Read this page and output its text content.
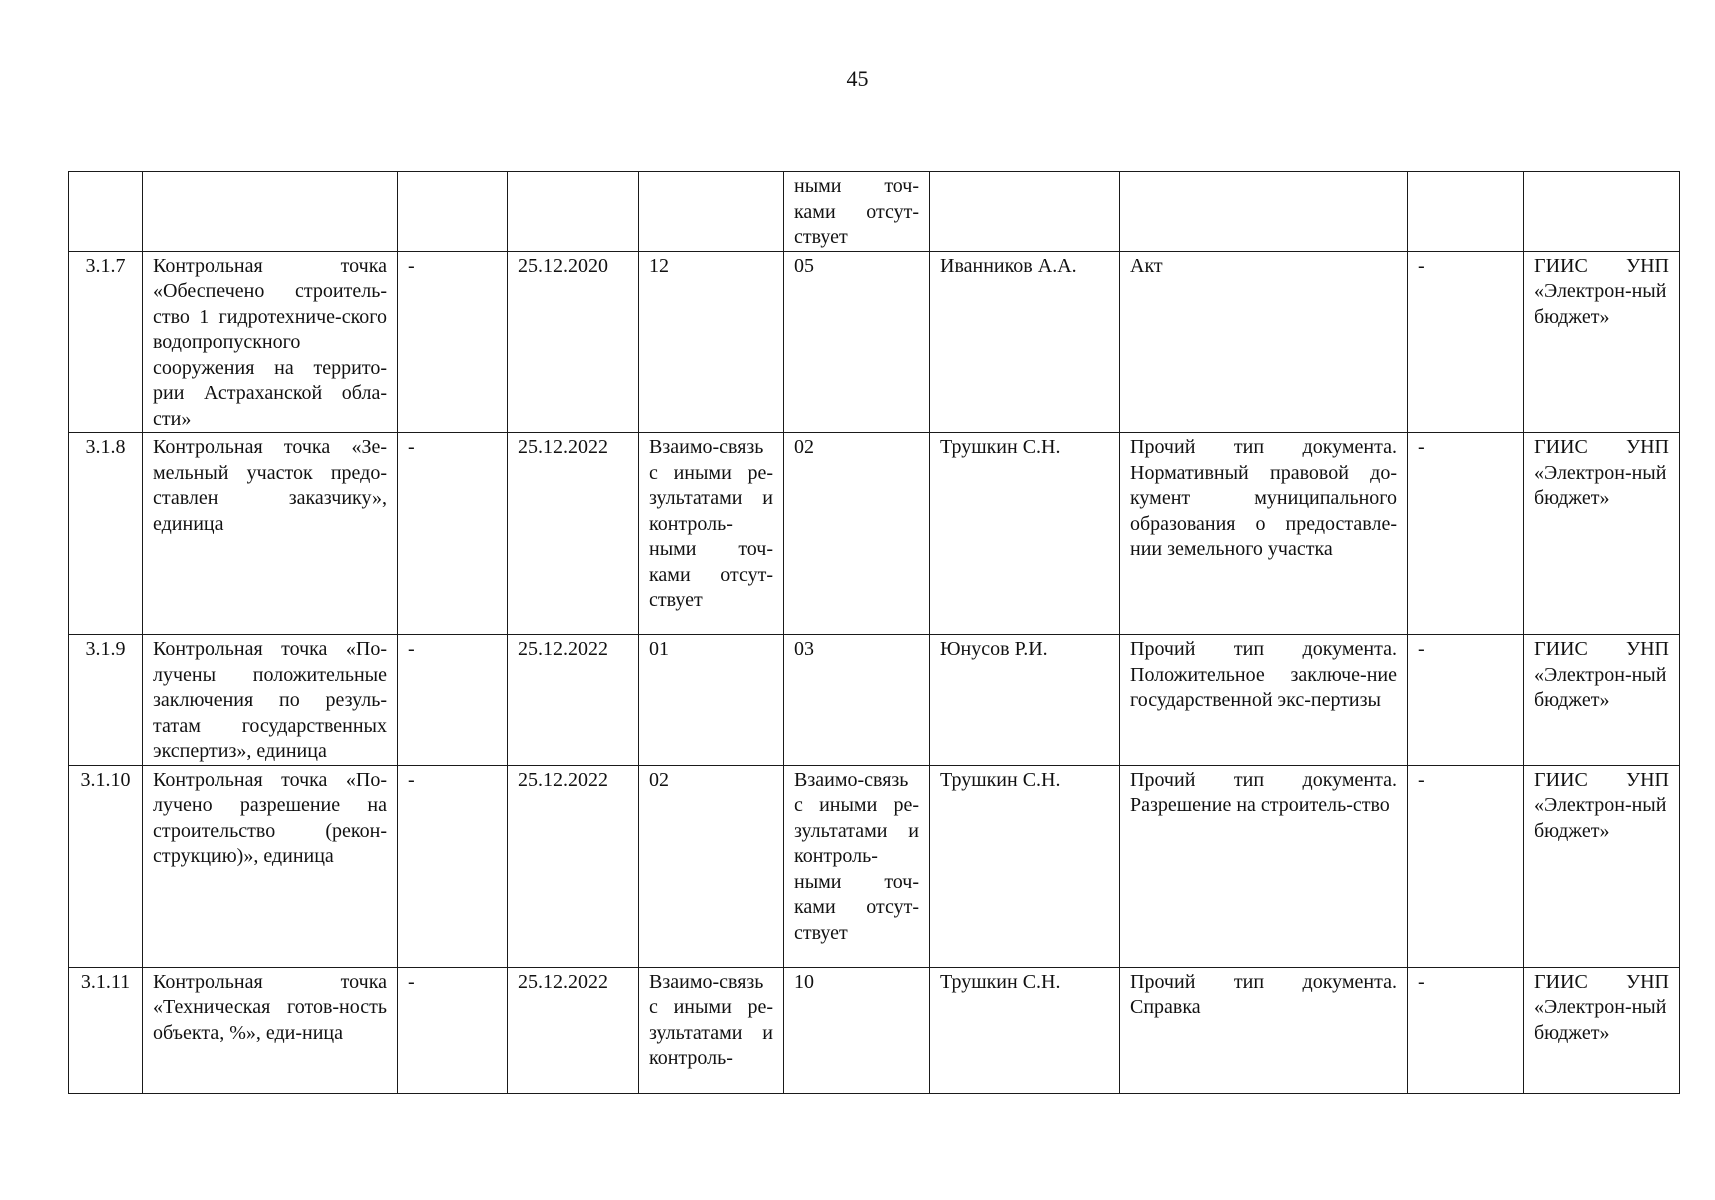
45
					ными точ-ками отсут-ствует				
3.1.7	Контрольная точка «Обеспечено строитель-ство 1 гидротехниче-ского водопропускного сооружения на террито-рии Астраханской обла-сти»	-	25.12.2020	12	05	Иванников А.А.	Акт	-	ГИИС УНП «Электрон-ный бюджет»
3.1.8	Контрольная точка «Зе-мельный участок предо-ставлен заказчику», единица	-	25.12.2022	Взаимо-связь с иными ре-зультатами и контроль-ными точ-ками отсут-ствует	02	Трушкин С.Н.	Прочий тип документа. Нормативный правовой до-кумент муниципального образования о предоставле-нии земельного участка	-	ГИИС УНП «Электрон-ный бюджет»
3.1.9	Контрольная точка «По-лучены положительные заключения по резуль-татам государственных экспертиз», единица	-	25.12.2022	01	03	Юнусов Р.И.	Прочий тип документа. Положительное заключе-ние государственной экс-пертизы	-	ГИИС УНП «Электрон-ный бюджет»
3.1.10	Контрольная точка «По-лучено разрешение на строительство (рекон-струкцию)», единица	-	25.12.2022	02	Взаимо-связь с иными ре-зультатами и контроль-ными точ-ками отсут-ствует	Трушкин С.Н.	Прочий тип документа. Разрешение на строитель-ство	-	ГИИС УНП «Электрон-ный бюджет»
3.1.11	Контрольная точка «Техническая готов-ность объекта, %», еди-ница	-	25.12.2022	Взаимо-связь с иными ре-зультатами и контроль-	10	Трушкин С.Н.	Прочий тип документа. Справка	-	ГИИС УНП «Электрон-ный бюджет»
